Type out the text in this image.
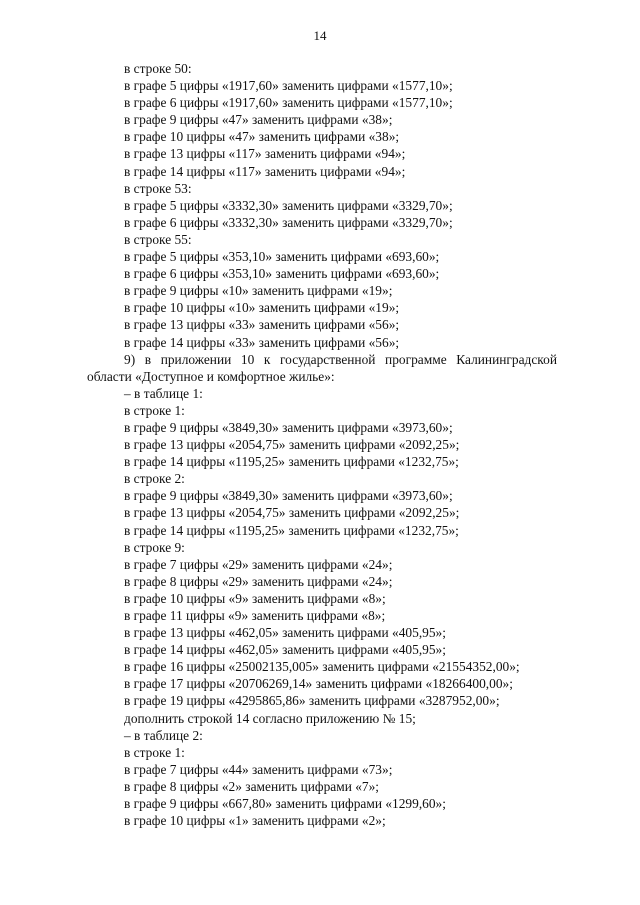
14
в строке 50:
в графе 5 цифры «1917,60» заменить цифрами «1577,10»;
в графе 6 цифры «1917,60» заменить цифрами «1577,10»;
в графе 9 цифры «47» заменить цифрами «38»;
в графе 10 цифры «47» заменить цифрами «38»;
в графе 13 цифры «117» заменить цифрами «94»;
в графе 14 цифры «117» заменить цифрами «94»;
в строке 53:
в графе 5 цифры «3332,30» заменить цифрами «3329,70»;
в графе 6 цифры «3332,30» заменить цифрами «3329,70»;
в строке 55:
в графе 5 цифры «353,10» заменить цифрами «693,60»;
в графе 6 цифры «353,10» заменить цифрами «693,60»;
в графе 9 цифры «10» заменить цифрами «19»;
в графе 10 цифры «10» заменить цифрами «19»;
в графе 13 цифры «33» заменить цифрами «56»;
в графе 14 цифры «33» заменить цифрами «56»;
9) в приложении 10 к государственной программе Калининградской
области «Доступное и комфортное жилье»:
– в таблице 1:
в строке 1:
в графе 9 цифры «3849,30» заменить цифрами «3973,60»;
в графе 13 цифры «2054,75» заменить цифрами «2092,25»;
в графе 14 цифры «1195,25» заменить цифрами «1232,75»;
в строке 2:
в графе 9 цифры «3849,30» заменить цифрами «3973,60»;
в графе 13 цифры «2054,75» заменить цифрами «2092,25»;
в графе 14 цифры «1195,25» заменить цифрами «1232,75»;
в строке 9:
в графе 7 цифры «29» заменить цифрами «24»;
в графе 8 цифры «29» заменить цифрами «24»;
в графе 10 цифры «9» заменить цифрами «8»;
в графе 11 цифры «9» заменить цифрами «8»;
в графе 13 цифры «462,05» заменить цифрами «405,95»;
в графе 14 цифры «462,05» заменить цифрами «405,95»;
в графе 16 цифры «25002135,005» заменить цифрами «21554352,00»;
в графе 17 цифры «20706269,14» заменить цифрами «18266400,00»;
в графе 19 цифры «4295865,86» заменить цифрами «3287952,00»;
дополнить строкой 14 согласно приложению № 15;
– в таблице 2:
в строке 1:
в графе 7 цифры «44» заменить цифрами «73»;
в графе 8 цифры «2» заменить цифрами «7»;
в графе 9 цифры «667,80» заменить цифрами «1299,60»;
в графе 10 цифры «1» заменить цифрами «2»;
